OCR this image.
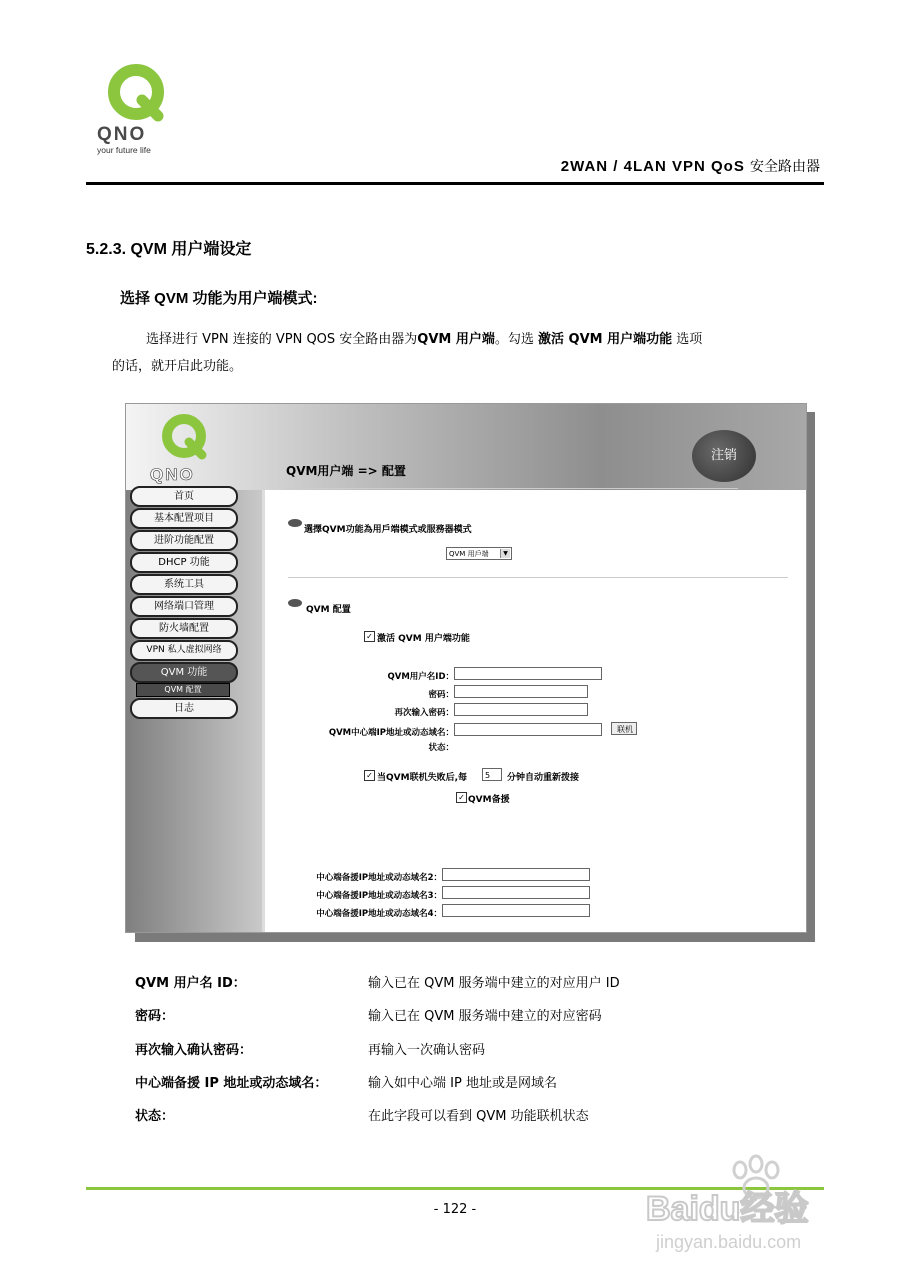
QNO
your future life
2WAN / 4LAN VPN QoS 安全路由器
5.2.3. QVM 用户端设定
选择 QVM 功能为用户端模式:
选择进行 VPN 连接的 VPN QOS 安全路由器为QVM 用户端。勾选 激活 QVM 用户端功能 选项
的话，就开启此功能。
QNO
注销
QVM用户端 => 配置
首页
基本配置项目
进阶功能配置
DHCP 功能
系统工具
网络端口管理
防火墙配置
VPN 私人虚拟网络
QVM 功能
QVM 配置
日志
選擇QVM功能為用戶端模式或服務器模式
QVM 用戶端	▼
QVM 配置
✓ 激活 QVM 用户端功能
QVM用户名ID：
密码：
再次输入密码：
QVM中心端IP地址或动态域名：	联机
状态：
✓ 当QVM联机失败后,每	5	分钟自动重新拨接
✓ QVM备援
中心端备援IP地址或动态域名2：
中心端备援IP地址或动态域名3：
中心端备援IP地址或动态域名4：
QVM 用户名 ID：	输入已在 QVM 服务端中建立的对应用户 ID
密码：	输入已在 QVM 服务端中建立的对应密码
再次输入确认密码：	再输入一次确认密码
中心端备援 IP 地址或动态域名：	输入如中心端 IP 地址或是网域名
状态：	在此字段可以看到 QVM 功能联机状态
- 122 -	Baidu经验
jingyan.baidu.com
